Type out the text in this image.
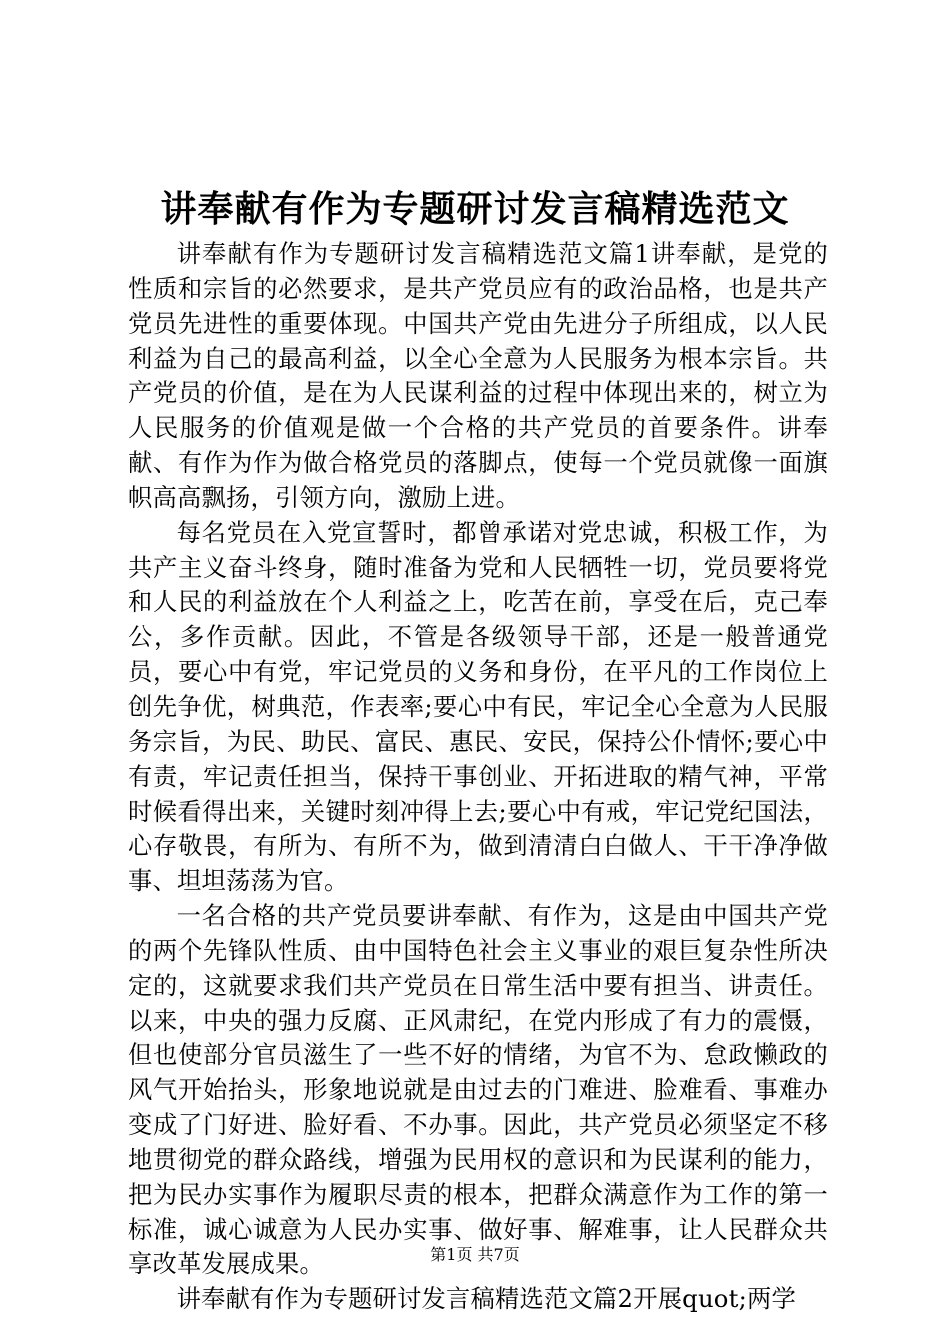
讲奉献有作为专题研讨发言稿精选范文

讲奉献有作为专题研讨发言稿精选范文篇1讲奉献，是党的性质和宗旨的必然要求，是共产党员应有的政治品格，也是共产党员先进性的重要体现。中国共产党由先进分子所组成，以人民利益为自己的最高利益，以全心全意为人民服务为根本宗旨。共产党员的价值，是在为人民谋利益的过程中体现出来的，树立为人民服务的价值观是做一个合格的共产党员的首要条件。讲奉献、有作为作为做合格党员的落脚点，使每一个党员就像一面旗帜高高飘扬，引领方向，激励上进。

每名党员在入党宣誓时，都曾承诺对党忠诚，积极工作，为共产主义奋斗终身，随时准备为党和人民牺牲一切，党员要将党和人民的利益放在个人利益之上，吃苦在前，享受在后，克己奉公，多作贡献。因此，不管是各级领导干部，还是一般普通党员，要心中有党，牢记党员的义务和身份，在平凡的工作岗位上创先争优，树典范，作表率;要心中有民，牢记全心全意为人民服务宗旨，为民、助民、富民、惠民、安民，保持公仆情怀;要心中有责，牢记责任担当，保持干事创业、开拓进取的精气神，平常时候看得出来，关键时刻冲得上去;要心中有戒，牢记党纪国法，心存敬畏，有所为、有所不为，做到清清白白做人、干干净净做事、坦坦荡荡为官。

一名合格的共产党员要讲奉献、有作为，这是由中国共产党的两个先锋队性质、由中国特色社会主义事业的艰巨复杂性所决定的，这就要求我们共产党员在日常生活中要有担当、讲责任。以来，中央的强力反腐、正风肃纪，在党内形成了有力的震慑，但也使部分官员滋生了一些不好的情绪，为官不为、怠政懒政的风气开始抬头，形象地说就是由过去的门难进、脸难看、事难办变成了门好进、脸好看、不办事。因此，共产党员必须坚定不移地贯彻党的群众路线，增强为民用权的意识和为民谋利的能力，把为民办实事作为履职尽责的根本，把群众满意作为工作的第一标准，诚心诚意为人民办实事、做好事、解难事，让人民群众共享改革发展成果。

讲奉献有作为专题研讨发言稿精选范文篇2开展quot;两学

第1页 共7页
